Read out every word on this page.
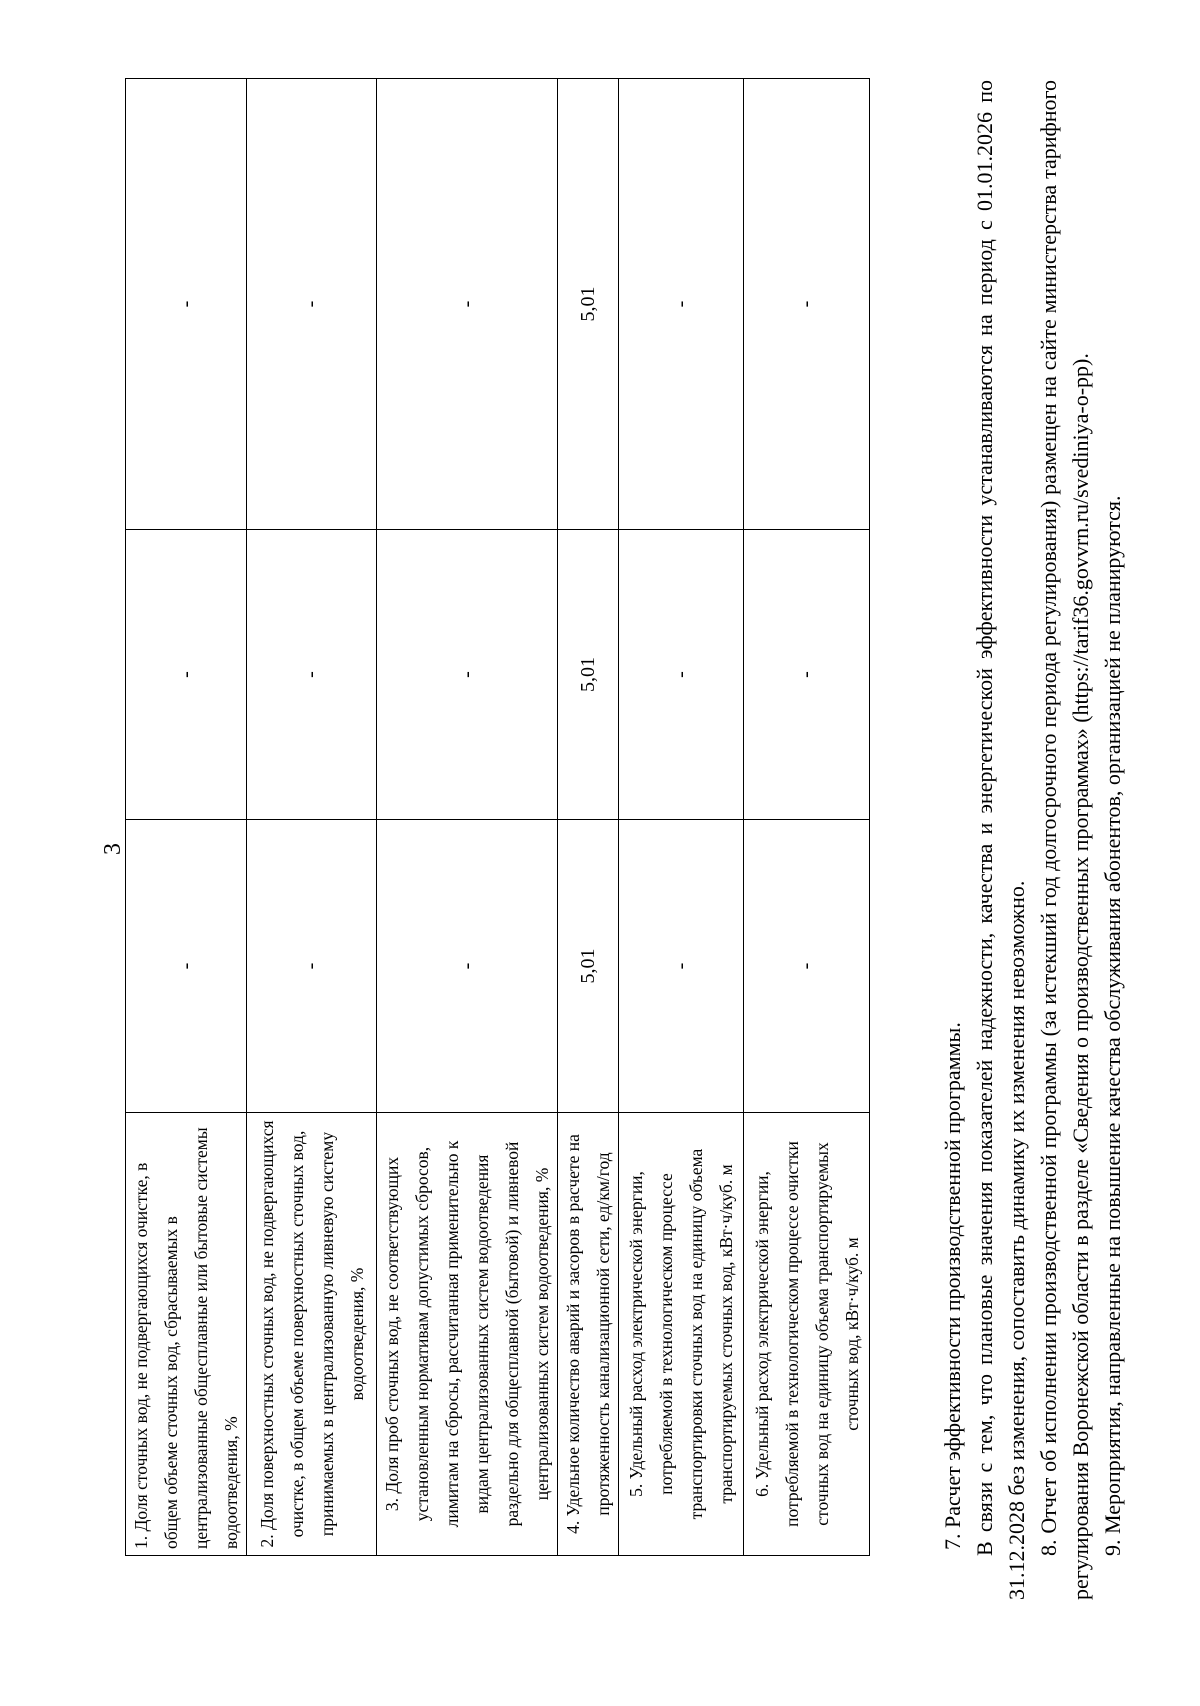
3
1. Доля сточных вод, не подвергающихся очистке, в общем объеме сточных вод, сбрасываемых в централизованные общесплавные или бытовые системы водоотведения, %	-	-	-
2. Доля поверхностных сточных вод, не подвергающихся очистке, в общем объеме поверхностных сточных вод, принимаемых в централизованную ливневую систему водоотведения, %	-	-	-
3. Доля проб сточных вод, не соответствующих установленным нормативам допустимых сбросов, лимитам на сбросы, рассчитанная применительно к видам централизованных систем водоотведения раздельно для общесплавной (бытовой) и ливневой централизованных систем водоотведения, %	-	-	-
4. Удельное количество аварий и засоров в расчете на протяженность канализационной сети, ед/км/год	5,01	5,01	5,01
5. Удельный расход электрической энергии, потребляемой в технологическом процессе транспортировки сточных вод на единицу объема транспортируемых сточных вод, кВт·ч/куб. м	-	-	-
6. Удельный расход электрической энергии, потребляемой в технологическом процессе очистки сточных вод на единицу объема транспортируемых сточных вод, кВт·ч/куб. м	-	-	-

7. Расчет эффективности производственной программы. В связи с тем, что плановые значения показателей надежности, качества и энергетической эффективности устанавливаются на период с 01.01.2026 по 31.12.2028 без изменения, сопоставить динамику их изменения невозможно. 8. Отчет об исполнении производственной программы (за истекший год долгосрочного периода регулирования) размещен на сайте министерства тарифного регулирования Воронежской области в разделе «Сведения о производственных программах» (https://tarif36.govvrn.ru/svediniya-o-pp). 9. Мероприятия, направленные на повышение качества обслуживания абонентов, организацией не планируются.
